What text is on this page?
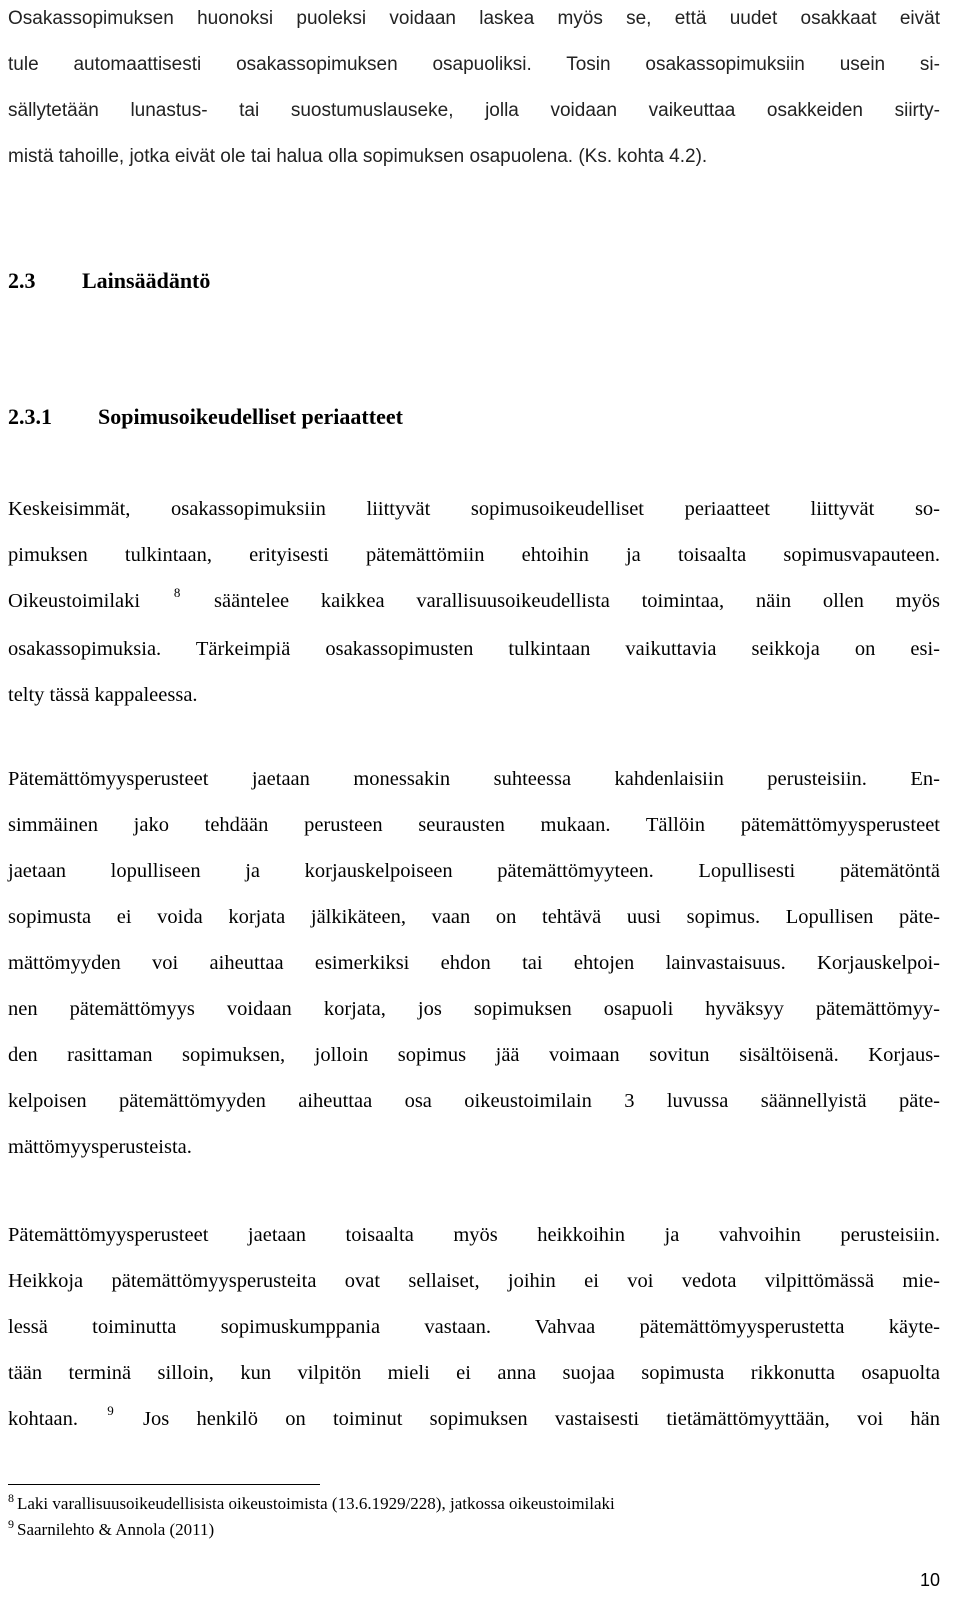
Osakassopimuksen huonoksi puoleksi voidaan laskea myös se, että uudet osakkaat eivät
tule automaattisesti osakassopimuksen osapuoliksi. Tosin osakassopimuksiin usein si-
sällytetään lunastus- tai suostumuslauseke, jolla voidaan vaikeuttaa osakkeiden siirty-
mistä tahoille, jotka eivät ole tai halua olla sopimuksen osapuolena. (Ks. kohta 4.2).
2.3 Lainsäädäntö
2.3.1 Sopimusoikeudelliset periaatteet
Keskeisimmät, osakassopimuksiin liittyvät sopimusoikeudelliset periaatteet liittyvät so-
pimuksen tulkintaan, erityisesti pätemättömiin ehtoihin ja toisaalta sopimusvapauteen.
Oikeustoimilaki	$^8$ sääntelee kaikkea varallisuusoikeudellista toimintaa, näin ollen myös
osakassopimuksia. Tärkeimpiä osakassopimusten tulkintaan vaikuttavia seikkoja on esi-
telty tässä kappaleessa.
Pätemättömyysperusteet jaetaan monessakin suhteessa kahdenlaisiin perusteisiin. En-
simmäinen jako tehdään perusteen seurausten mukaan. Tällöin pätemättömyysperusteet
jaetaan lopulliseen ja korjauskelpoiseen pätemättömyyteen. Lopullisesti pätemätöntä
sopimusta ei voida korjata jälkikäteen, vaan on tehtävä uusi sopimus. Lopullisen päte-
mättömyyden voi aiheuttaa esimerkiksi ehdon tai ehtojen lainvastaisuus. Korjauskelpoi-
nen pätemättömyys voidaan korjata, jos sopimuksen osapuoli hyväksyy pätemättömyy-
den rasittaman sopimuksen, jolloin sopimus jää voimaan sovitun sisältöisenä. Korjaus-
kelpoisen pätemättömyyden aiheuttaa osa oikeustoimilain 3 luvussa säännellyistä päte-
mättömyysperusteista.
Pätemättömyysperusteet jaetaan toisaalta myös heikkoihin ja vahvoihin perusteisiin.
Heikkoja pätemättömyysperusteita ovat sellaiset, joihin ei voi vedota vilpittömässä mie-
lessä toiminutta sopimuskumppania vastaan. Vahvaa pätemättömyysperustetta käyte-
tään terminä silloin, kun vilpitön mieli ei anna suojaa sopimusta rikkonutta osapuolta
kohtaan. $^9$ Jos henkilö on toiminut sopimuksen vastaisesti tietämättömyyttään, voi hän
$^8$ Laki varallisuusoikeudellisista oikeustoimista (13.6.1929/228), jatkossa oikeustoimilaki
$^9$ Saarnilehto & Annola (2011)
10
